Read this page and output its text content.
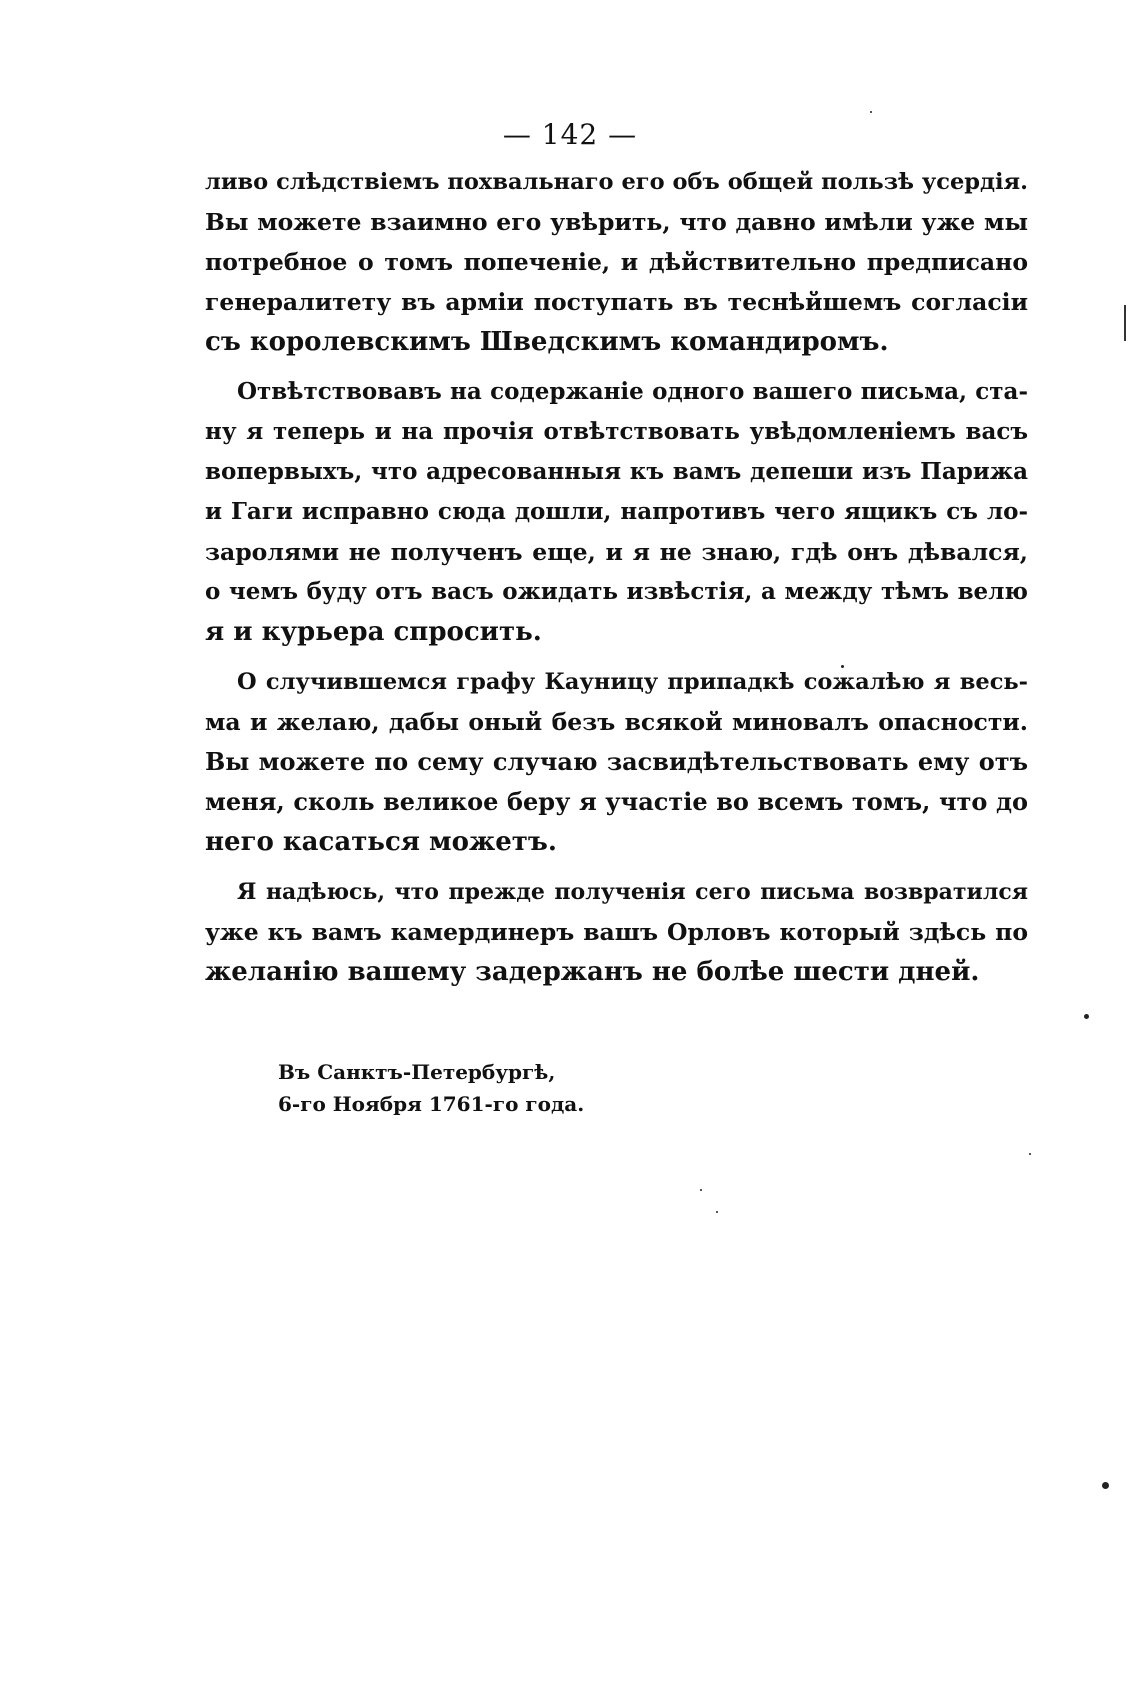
— 142 —
ливо слѣдствіемъ похвальнаго его объ общей пользѣ усердія.
Вы можете взаимно его увѣрить, что давно имѣли уже мы
потребное о томъ попеченіе, и дѣйствительно предписано
генералитету въ арміи поступать въ теснѣйшемъ согласіи
съ королевскимъ Шведскимъ командиромъ.
Отвѣтствовавъ на содержаніе одного вашего письма, ста-
ну я теперь и на прочія отвѣтствовать увѣдомленіемъ васъ
вопервыхъ, что адресованныя къ вамъ депеши изъ Парижа
и Гаги исправно сюда дошли, напротивъ чего ящикъ съ ло-
заролями не полученъ еще, и я не знаю, гдѣ онъ дѣвался,
о чемъ буду отъ васъ ожидать извѣстія, а между тѣмъ велю
я и курьера спросить.
О случившемся графу Кауницу припадкѣ сожалѣю я весь-
ма и желаю, дабы оный безъ всякой миновалъ опасности.
Вы можете по сему случаю засвидѣтельствовать ему отъ
меня, сколь великое беру я участіе во всемъ томъ, что до
него касаться можетъ.
Я надѣюсь, что прежде полученія сего письма возвратился
уже къ вамъ камердинеръ вашъ Орловъ который здѣсь по
желанію вашему задержанъ не болѣе шести дней.
Въ Санктъ-Петербургѣ,
6-го Ноября 1761-го года.
